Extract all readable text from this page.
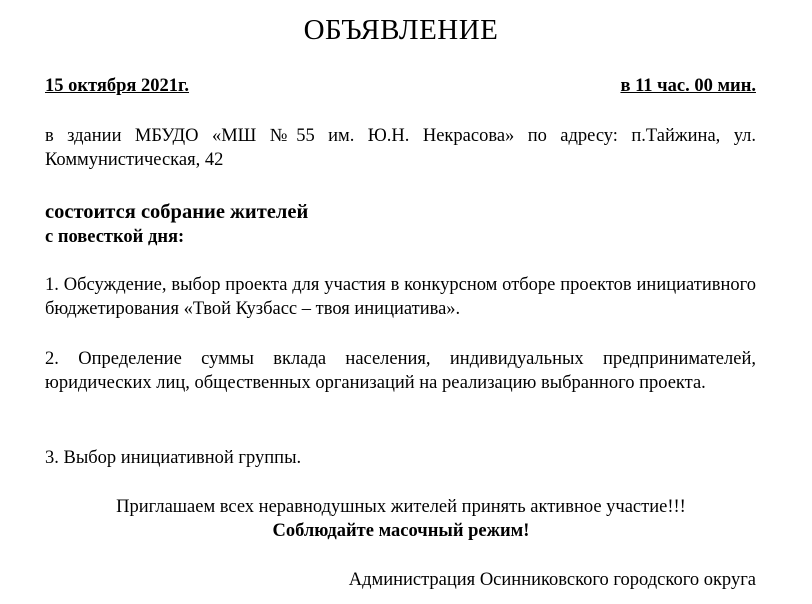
ОБЪЯВЛЕНИЕ
15 октября 2021г.	в 11 час. 00 мин.
в здании МБУДО «МШ №55 им. Ю.Н. Некрасова» по адресу: п.Тайжина, ул. Коммунистическая, 42
состоится собрание жителей
с повесткой дня:
1. Обсуждение, выбор проекта для участия в конкурсном отборе проектов инициативного бюджетирования «Твой Кузбасс – твоя инициатива».
2. Определение суммы вклада населения, индивидуальных предпринимателей, юридических лиц, общественных организаций на реализацию выбранного проекта.
3. Выбор инициативной группы.
Приглашаем всех неравнодушных жителей принять активное участие!!!
Соблюдайте масочный режим!
Администрация Осинниковского городского округа
